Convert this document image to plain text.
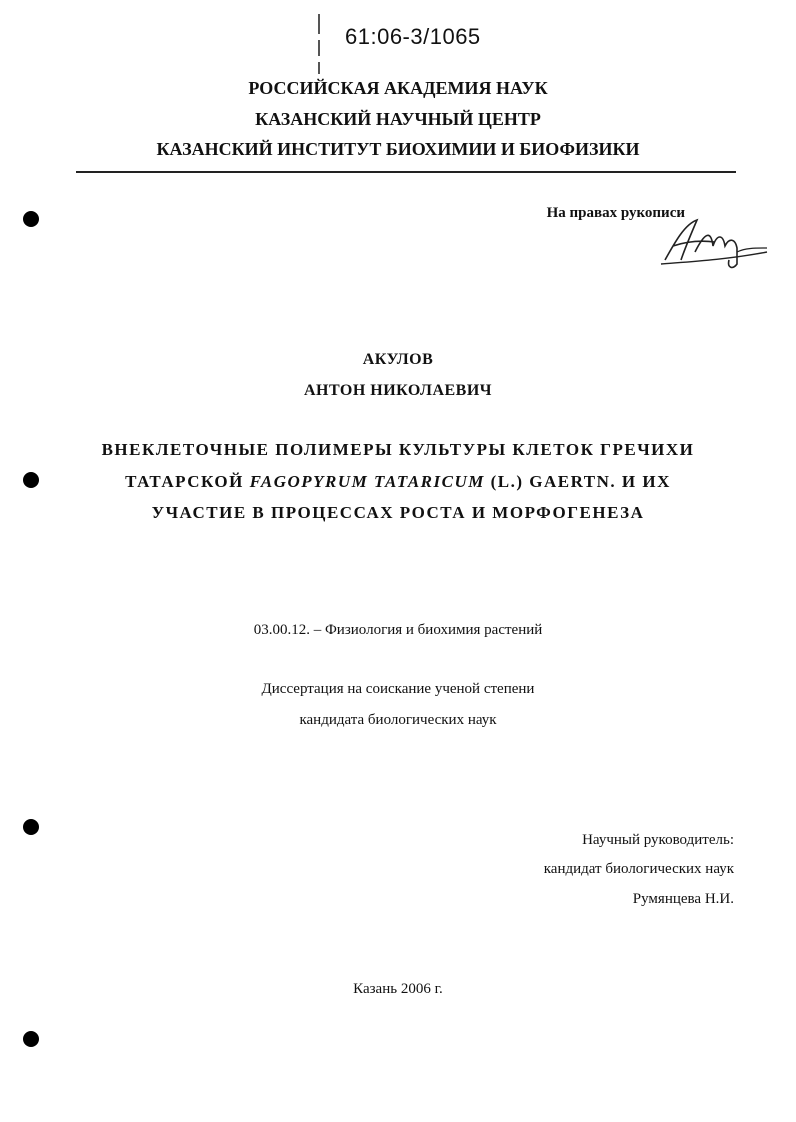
61:06-3/1065
РОССИЙСКАЯ АКАДЕМИЯ НАУК
КАЗАНСКИЙ НАУЧНЫЙ ЦЕНТР
КАЗАНСКИЙ ИНСТИТУТ БИОХИМИИ И БИОФИЗИКИ
На правах рукописи
АКУЛОВ
АНТОН НИКОЛАЕВИЧ
ВНЕКЛЕТОЧНЫЕ ПОЛИМЕРЫ КУЛЬТУРЫ КЛЕТОК ГРЕЧИХИ
ТАТАРСКОЙ FAGOPYRUM TATARICUM (L.) GAERTN. И ИХ
УЧАСТИЕ В ПРОЦЕССАХ РОСТА И МОРФОГЕНЕЗА
03.00.12. – Физиология и биохимия растений
Диссертация на соискание ученой степени
кандидата биологических наук
Научный руководитель:
кандидат биологических наук
Румянцева Н.И.
Казань 2006 г.
